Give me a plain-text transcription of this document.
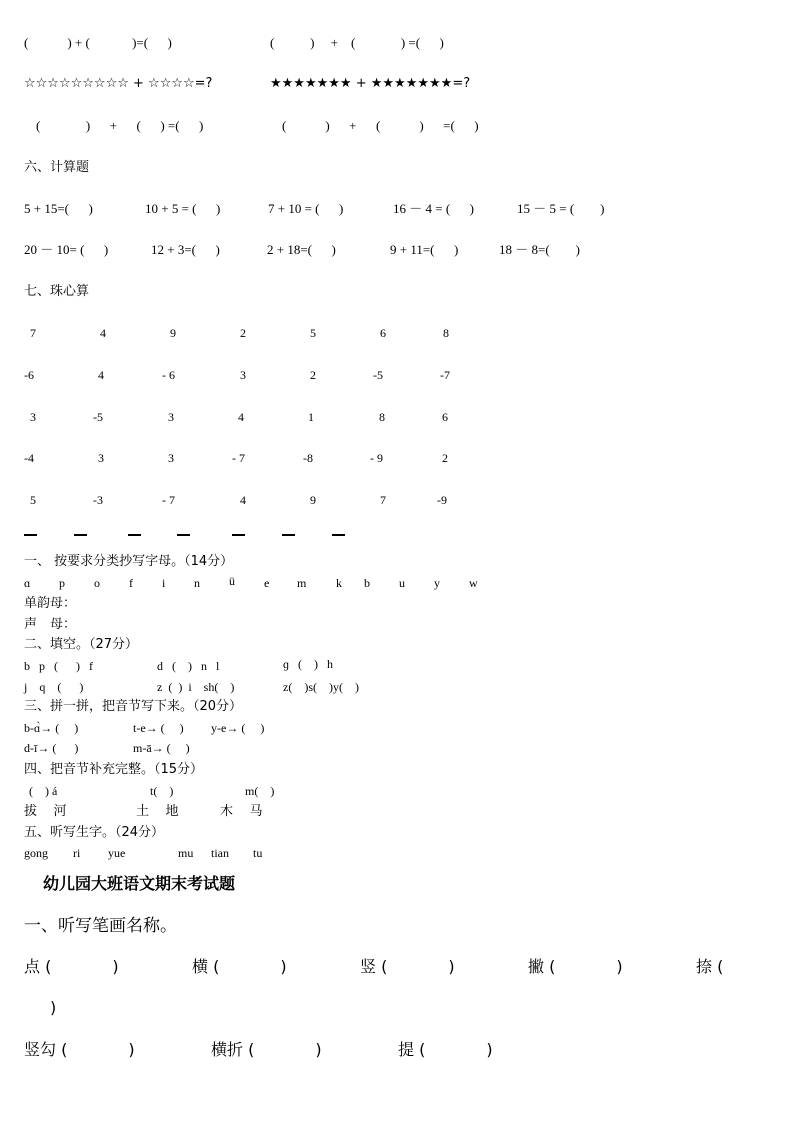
(            ) + (             )=(      )	(           )     +    (              ) =(      )
☆☆☆☆☆☆☆☆☆ + ☆☆☆☆=?	★★★★★★★ + ★★★★★★★=?
(              )      +      (      ) =(      )	(            )      +      (            )      =(      )
六、计算题
5 + 15=(      )	10 + 5 = (      )	7 + 10 = (      )	16 － 4 = (      )	15 － 5 = (        )
20 － 10= (      )	12 + 3=(      )	2 + 18=(      )	9 + 11=(      )	18 － 8=(        )
七、珠心算
7	4	9	2	5	6	8
-6	4	- 6	3	2	-5	-7
3	-5	3	4	1	8	6
-4	3	3	- 7	-8	- 9	2
5	-3	- 7	4	9	7	-9
一、 按要求分类抄写字母。（14分）
ɑ p o f i n ü e m k b u y w
单韵母：
声　母：
二、填空。（27分）
b   p   (      )   f	d   (    )   n   l	ɡ   (    )   h
j    q    (      )	z  (  )  i    sh(    )	z(    )s(    )y(    )
三、拼一拼，把音节写下来。（20分）
b-ɑ̀→ (     )	t-e→ (     ) y-e→ (     )
d-ī→ (      )	m-ā→ (     )
四、把音节补充完整。（15分）
(    ) á	t(    )	m(    )
拔    河	土    地	木    马
五、听写生字。（24分）
gong ri yue	mu tian tu
幼儿园大班语文期末考试题
一、听写笔画名称。
点 (            )	横 (            )	竖 (            )	撇 (            )	捺 (
)
竖勾 (            )	横折 (            )	提 (            )
